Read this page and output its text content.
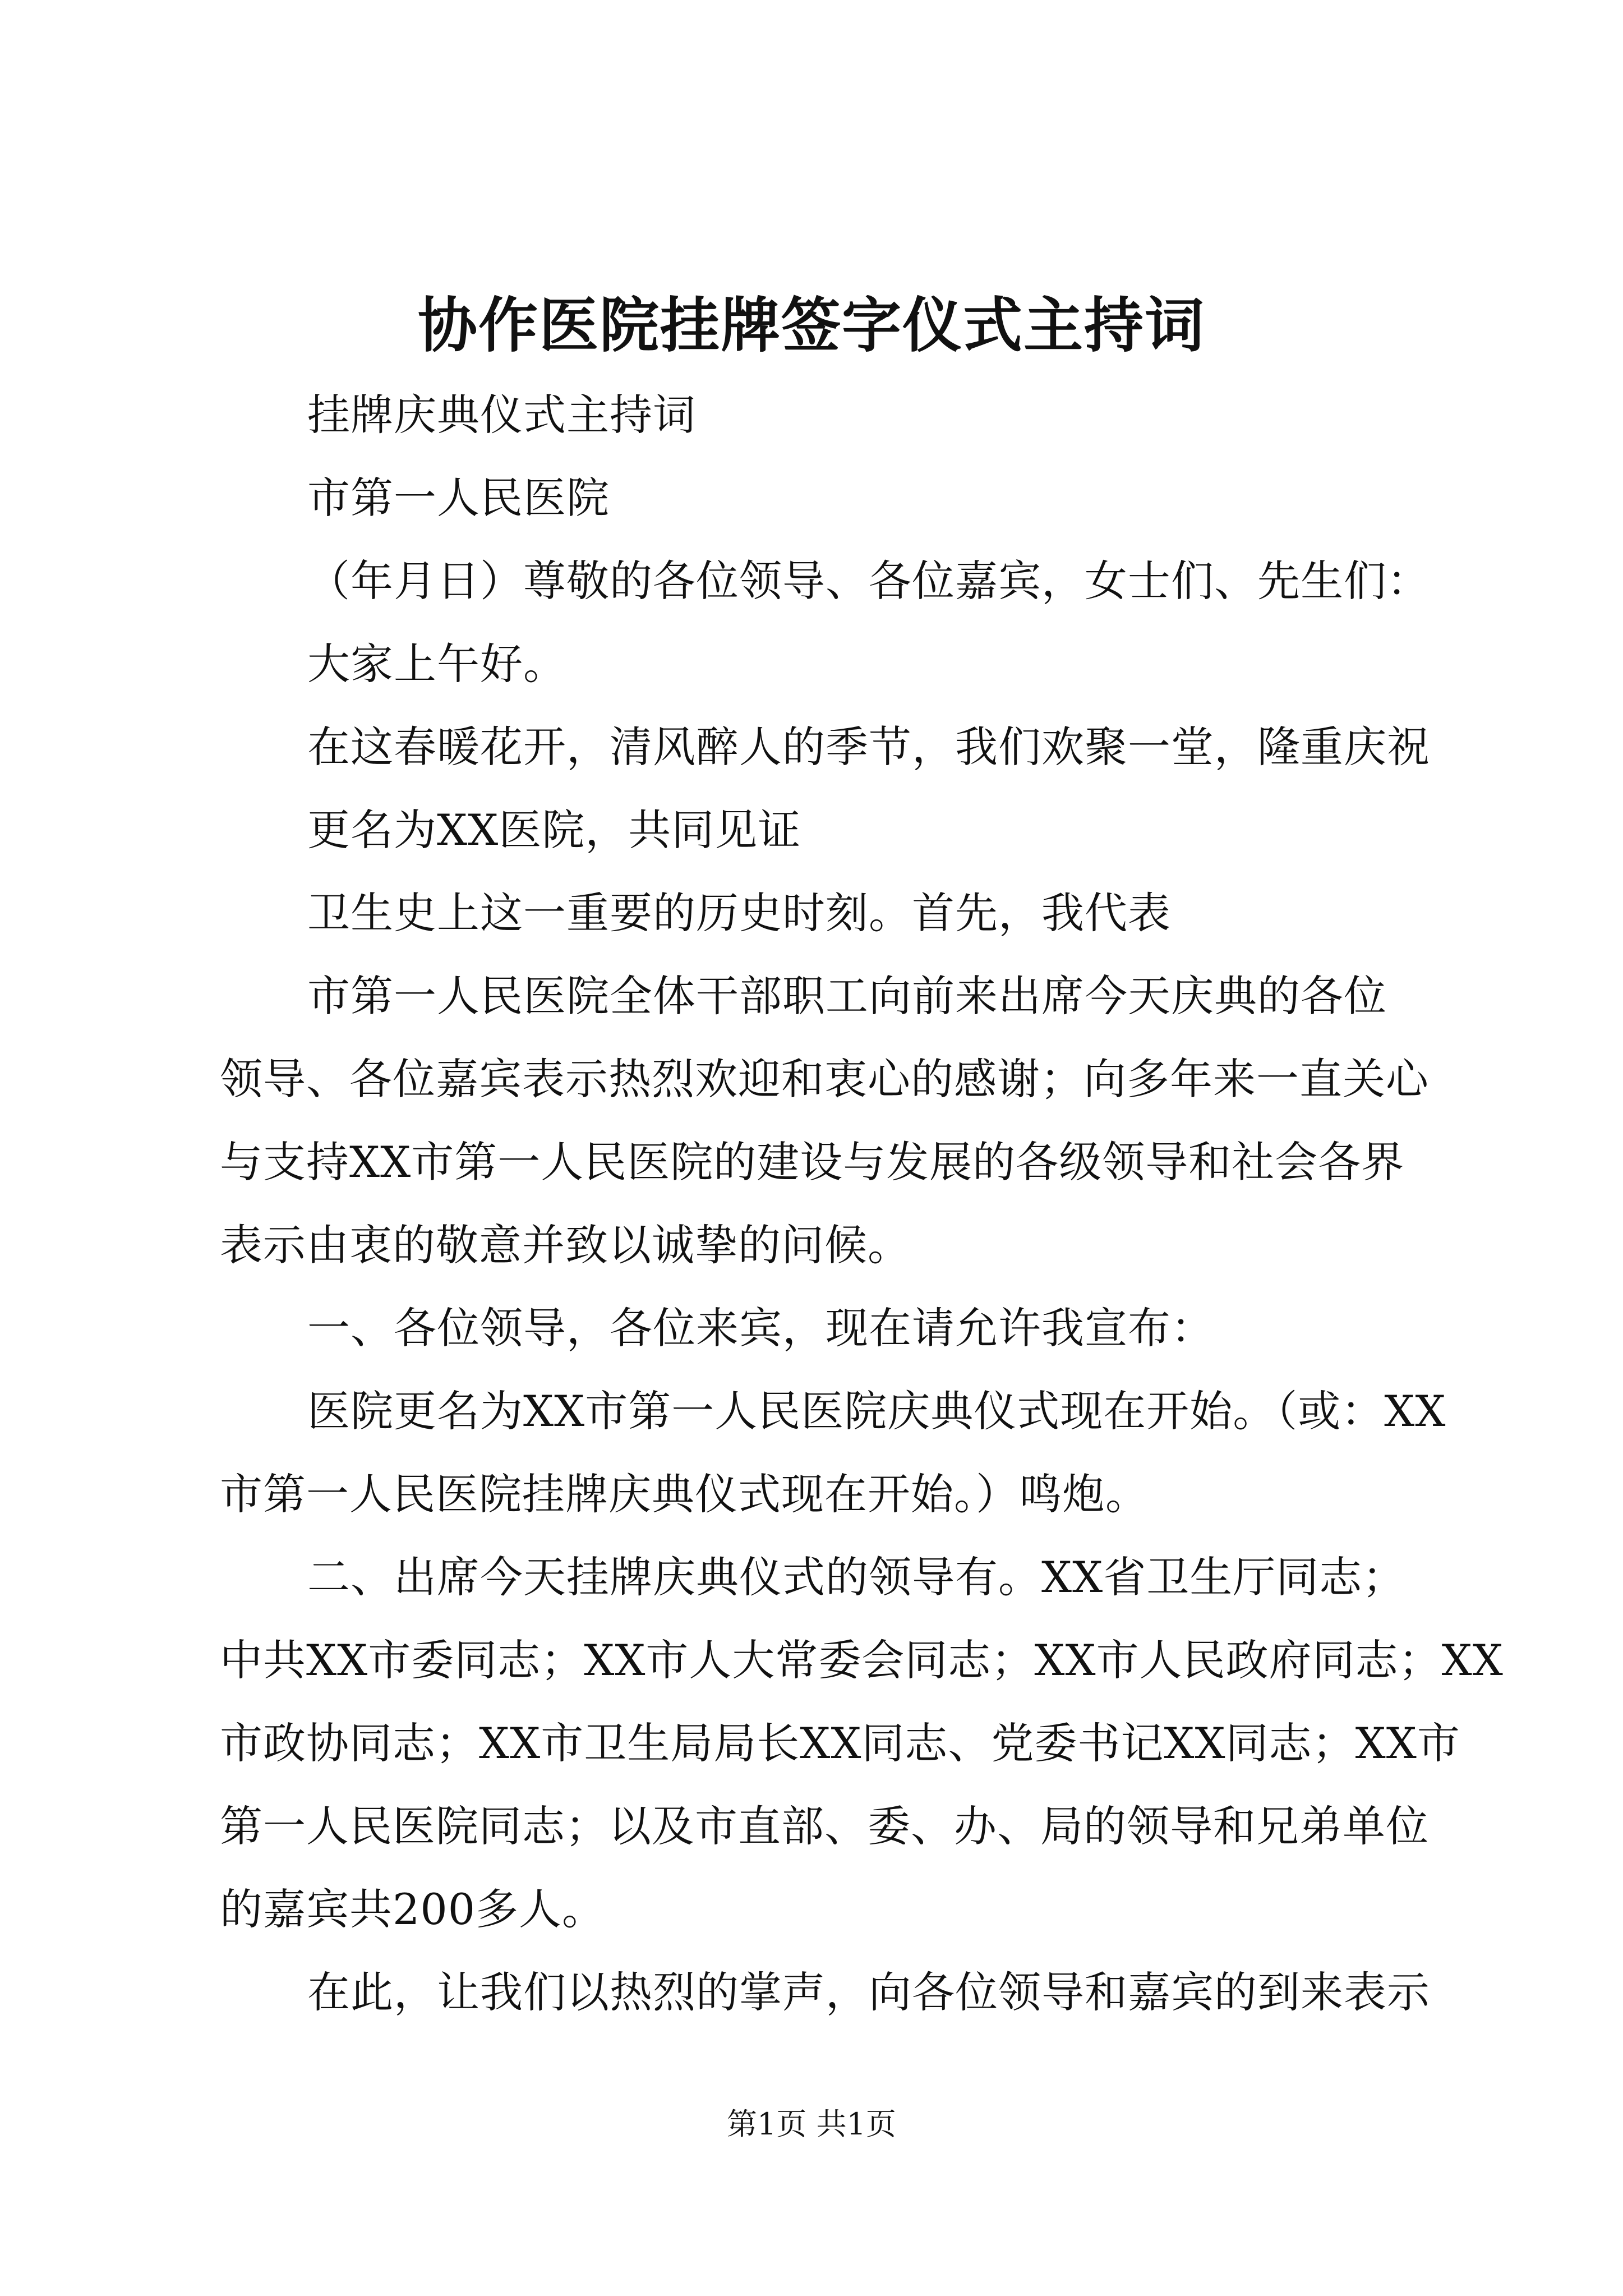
协作医院挂牌签字仪式主持词
挂牌庆典仪式主持词
市第一人民医院
（年月日）尊敬的各位领导、各位嘉宾，女士们、先生们：
大家上午好。
在这春暖花开，清风醉人的季节，我们欢聚一堂，隆重庆祝
更名为XX医院，共同见证
卫生史上这一重要的历史时刻。首先，我代表
市第一人民医院全体干部职工向前来出席今天庆典的各位
领导、各位嘉宾表示热烈欢迎和衷心的感谢；向多年来一直关心
与支持XX市第一人民医院的建设与发展的各级领导和社会各界
表示由衷的敬意并致以诚挚的问候。
一、各位领导，各位来宾，现在请允许我宣布：
医院更名为XX市第一人民医院庆典仪式现在开始。（或：XX
市第一人民医院挂牌庆典仪式现在开始。）鸣炮。
二、出席今天挂牌庆典仪式的领导有。XX省卫生厅同志；
中共XX市委同志；XX市人大常委会同志；XX市人民政府同志；XX
市政协同志；XX市卫生局局长XX同志、党委书记XX同志；XX市
第一人民医院同志；以及市直部、委、办、局的领导和兄弟单位
的嘉宾共200多人。
在此，让我们以热烈的掌声，向各位领导和嘉宾的到来表示
第1页 共1页
